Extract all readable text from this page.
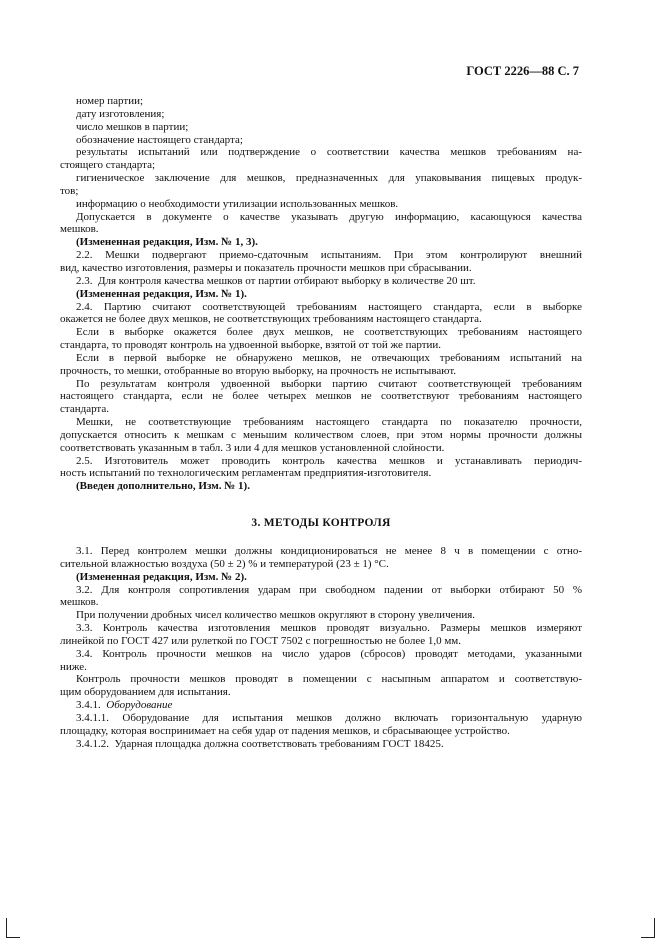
ГОСТ 2226—88 С. 7
номер партии;
дату изготовления;
число мешков в партии;
обозначение настоящего стандарта;
результаты испытаний или подтверждение о соответствии качества мешков требованиям на-
стоящего стандарта;
гигиеническое заключение для мешков, предназначенных для упаковывания пищевых продук-
тов;
информацию о необходимости утилизации использованных мешков.
Допускается в документе о качестве указывать другую информацию, касающуюся качества
мешков.
(Измененная редакция, Изм. № 1, 3).
2.2. Мешки подвергают приемо-сдаточным испытаниям. При этом контролируют внешний
вид, качество изготовления, размеры и показатель прочности мешков при сбрасывании.
2.3.  Для контроля качества мешков от партии отбирают выборку в количестве 20 шт.
(Измененная редакция, Изм. № 1).
2.4. Партию считают соответствующей требованиям настоящего стандарта, если в выборке
окажется не более двух мешков, не соответствующих требованиям настоящего стандарта.
Если в выборке окажется более двух мешков, не соответствующих требованиям настоящего
стандарта, то проводят контроль на удвоенной выборке, взятой от той же партии.
Если в первой выборке не обнаружено мешков, не отвечающих требованиям испытаний на
прочность, то мешки, отобранные во вторую выборку, на прочность не испытывают.
По результатам контроля удвоенной выборки партию считают соответствующей требованиям
настоящего стандарта, если не более четырех мешков не соответствуют требованиям настоящего
стандарта.
Мешки, не соответствующие требованиям настоящего стандарта по показателю прочности,
допускается относить к мешкам с меньшим количеством слоев, при этом нормы прочности должны
соответствовать указанным в табл. 3 или 4 для мешков установленной слойности.
2.5. Изготовитель может проводить контроль качества мешков и устанавливать периодич-
ность испытаний по технологическим регламентам предприятия-изготовителя.
(Введен дополнительно, Изм. № 1).
3. МЕТОДЫ КОНТРОЛЯ
3.1. Перед контролем мешки должны кондиционироваться не менее 8 ч в помещении с отно-
сительной влажностью воздуха (50 ± 2) % и температурой (23 ± 1) °С.
(Измененная редакция, Изм. № 2).
3.2. Для контроля сопротивления ударам при свободном падении от выборки отбирают 50 %
мешков.
При получении дробных чисел количество мешков округляют в сторону увеличения.
3.3. Контроль качества изготовления мешков проводят визуально. Размеры мешков измеряют
линейкой по ГОСТ 427 или рулеткой по ГОСТ 7502 с погрешностью не более 1,0 мм.
3.4. Контроль прочности мешков на число ударов (сбросов) проводят методами, указанными
ниже.
Контроль прочности мешков проводят в помещении с насыпным аппаратом и соответствую-
щим оборудованием для испытания.
3.4.1.  Оборудование
3.4.1.1. Оборудование для испытания мешков должно включать горизонтальную ударную
площадку, которая воспринимает на себя удар от падения мешков, и сбрасывающее устройство.
3.4.1.2.  Ударная площадка должна соответствовать требованиям ГОСТ 18425.
